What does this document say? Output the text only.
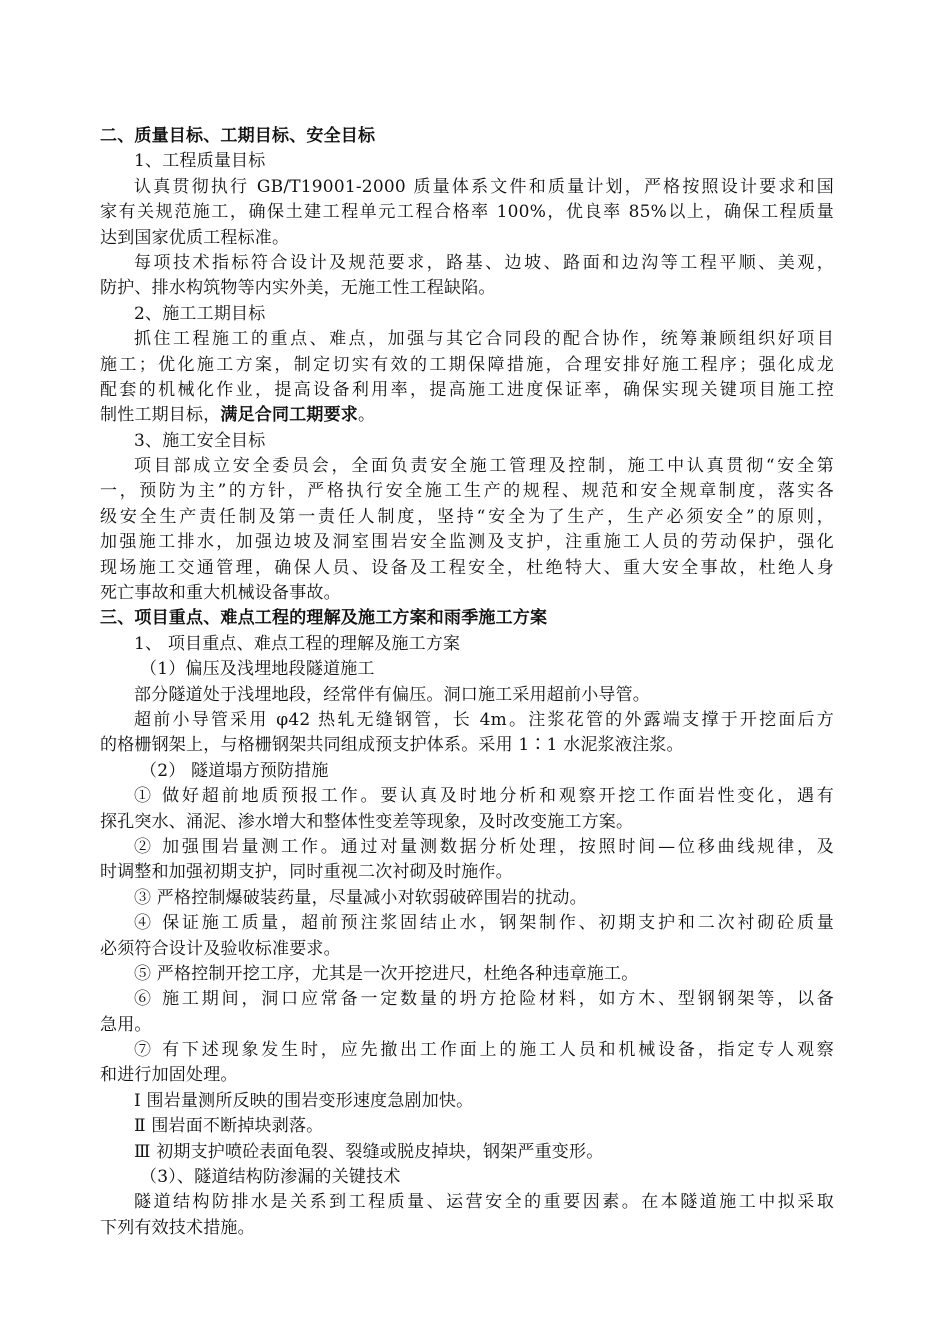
二、质量目标、工期目标、安全目标
1、工程质量目标
认真贯彻执行 GB/T19001-2000 质量体系文件和质量计划，严格按照设计要求和国
家有关规范施工，确保土建工程单元工程合格率 100%，优良率 85%以上，确保工程质量
达到国家优质工程标准。
每项技术指标符合设计及规范要求，路基、边坡、路面和边沟等工程平顺、美观，
防护、排水构筑物等内实外美，无施工性工程缺陷。
2、施工工期目标
抓住工程施工的重点、难点，加强与其它合同段的配合协作，统筹兼顾组织好项目
施工；优化施工方案，制定切实有效的工期保障措施，合理安排好施工程序；强化成龙
配套的机械化作业，提高设备利用率，提高施工进度保证率，确保实现关键项目施工控
制性工期目标，满足合同工期要求。
3、施工安全目标
项目部成立安全委员会，全面负责安全施工管理及控制，施工中认真贯彻“安全第
一，预防为主”的方针，严格执行安全施工生产的规程、规范和安全规章制度，落实各
级安全生产责任制及第一责任人制度，坚持“安全为了生产，生产必须安全”的原则，
加强施工排水，加强边坡及洞室围岩安全监测及支护，注重施工人员的劳动保护，强化
现场施工交通管理，确保人员、设备及工程安全，杜绝特大、重大安全事故，杜绝人身
死亡事故和重大机械设备事故。
三、项目重点、难点工程的理解及施工方案和雨季施工方案
1、 项目重点、难点工程的理解及施工方案
（1）偏压及浅埋地段隧道施工
部分隧道处于浅埋地段，经常伴有偏压。洞口施工采用超前小导管。
超前小导管采用 φ42 热轧无缝钢管，长 4m。注浆花管的外露端支撑于开挖面后方
的格栅钢架上，与格栅钢架共同组成预支护体系。采用 1∶1 水泥浆液注浆。
（2） 隧道塌方预防措施
① 做好超前地质预报工作。要认真及时地分析和观察开挖工作面岩性变化，遇有
探孔突水、涌泥、渗水增大和整体性变差等现象，及时改变施工方案。
② 加强围岩量测工作。通过对量测数据分析处理，按照时间—位移曲线规律，及
时调整和加强初期支护，同时重视二次衬砌及时施作。
③ 严格控制爆破装药量，尽量减小对软弱破碎围岩的扰动。
④ 保证施工质量，超前预注浆固结止水，钢架制作、初期支护和二次衬砌砼质量
必须符合设计及验收标准要求。
⑤ 严格控制开挖工序，尤其是一次开挖进尺，杜绝各种违章施工。
⑥ 施工期间，洞口应常备一定数量的坍方抢险材料，如方木、型钢钢架等，以备
急用。
⑦ 有下述现象发生时，应先撤出工作面上的施工人员和机械设备，指定专人观察
和进行加固处理。
Ⅰ 围岩量测所反映的围岩变形速度急剧加快。
Ⅱ 围岩面不断掉块剥落。
Ⅲ 初期支护喷砼表面龟裂、裂缝或脱皮掉块，钢架严重变形。
（3）、隧道结构防渗漏的关键技术
隧道结构防排水是关系到工程质量、运营安全的重要因素。在本隧道施工中拟采取
下列有效技术措施。
